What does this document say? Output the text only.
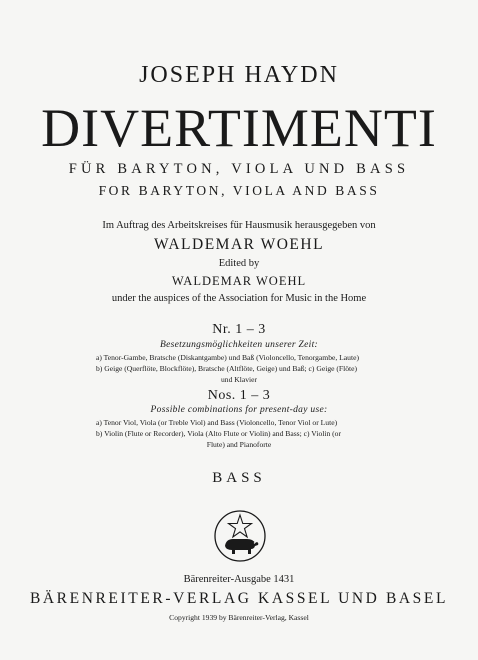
JOSEPH HAYDN
DIVERTIMENTI
FÜR BARYTON, VIOLA UND BASS
FOR BARYTON, VIOLA AND BASS
Im Auftrag des Arbeitskreises für Hausmusik herausgegeben von
WALDEMAR WOEHL
Edited by
WALDEMAR WOEHL
under the auspices of the Association for Music in the Home
Nr. 1 – 3
Besetzungsmöglichkeiten unserer Zeit:
a) Tenor-Gambe, Bratsche (Diskantgambe) und Baß (Violoncello, Tenorgambe, Laute)
b) Geige (Querflöte, Blockflöte), Bratsche (Altflöte, Geige) und Baß; c) Geige (Flöte)
und Klavier
Nos. 1 – 3
Possible combinations for present-day use:
a) Tenor Viol, Viola (or Treble Viol) and Bass (Violoncello, Tenor Viol or Lute)
b) Violin (Flute or Recorder), Viola (Alto Flute or Violin) and Bass; c) Violin (or
Flute) and Pianoforte
BASS
Bärenreiter-Ausgabe 1431
BÄRENREITER-VERLAG KASSEL UND BASEL
Copyright 1939 by Bärenreiter-Verlag, Kassel
